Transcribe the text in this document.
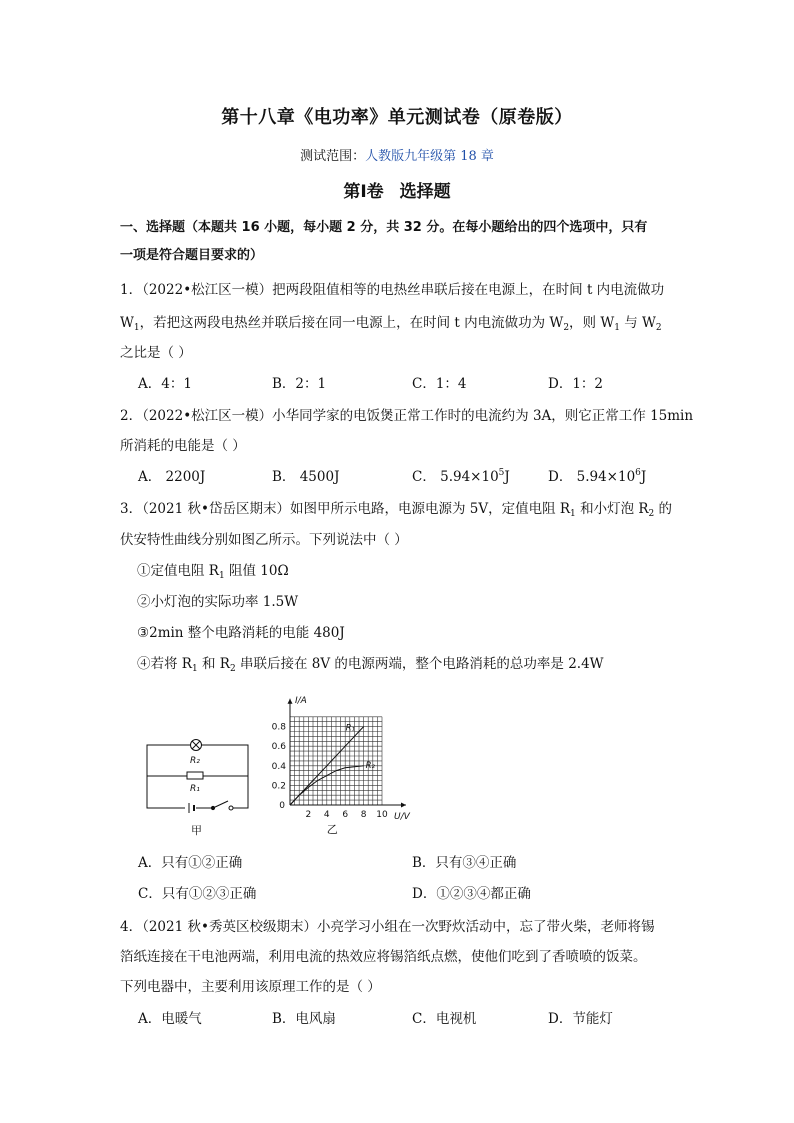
第十八章《电功率》单元测试卷（原卷版）
测试范围：人教版九年级第 18 章
第Ⅰ卷 选择题
一、选择题（本题共 16 小题，每小题 2 分，共 32 分。在每小题给出的四个选项中，只有
一项是符合题目要求的）
1．（2022•松江区一模）把两段阻值相等的电热丝串联后接在电源上，在时间 t 内电流做功
$W_1$，若把这两段电热丝并联后接在同一电源上，在时间 t 内电流做功为 $W_2$，则 $W_1$ 与 $W_2$
之比是（ ）
A．4：1	B．2：1	C．1：4	D．1：2
2．（2022•松江区一模）小华同学家的电饭煲正常工作时的电流约为 3A，则它正常工作 15min
所消耗的电能是（ ）
A． 2200J	B． 4500J	C． $5.94\times 10^5J$	D． $5.94\times 10^6J$
3．（2021 秋•岱岳区期末）如图甲所示电路，电源电源为 5V，定值电阻 $R_1$ 和小灯泡 $R_2$ 的
伏安特性曲线分别如图乙所示。下列说法中（ ）
①定值电阻 $R_1$ 阻值 10Ω
②小灯泡的实际功率 1.5W
③2min 整个电路消耗的电能 480J
④若将 $R_1$ 和 $R_2$ 串联后接在 8V 的电源两端，整个电路消耗的总功率是 2.4W
R₂
R₁
甲
2 4 6 8 10
0.2
0.4
0.6
0.8
0
I/A
U/V
R₁
R₂
乙
A．只有①②正确	B．只有③④正确
C．只有①②③正确	D．①②③④都正确
4．（2021 秋•秀英区校级期末）小亮学习小组在一次野炊活动中，忘了带火柴，老师将锡
箔纸连接在干电池两端，利用电流的热效应将锡箔纸点燃，使他们吃到了香喷喷的饭菜。
下列电器中，主要利用该原理工作的是（ ）
A．电暖气	B．电风扇	C．电视机	D．节能灯
